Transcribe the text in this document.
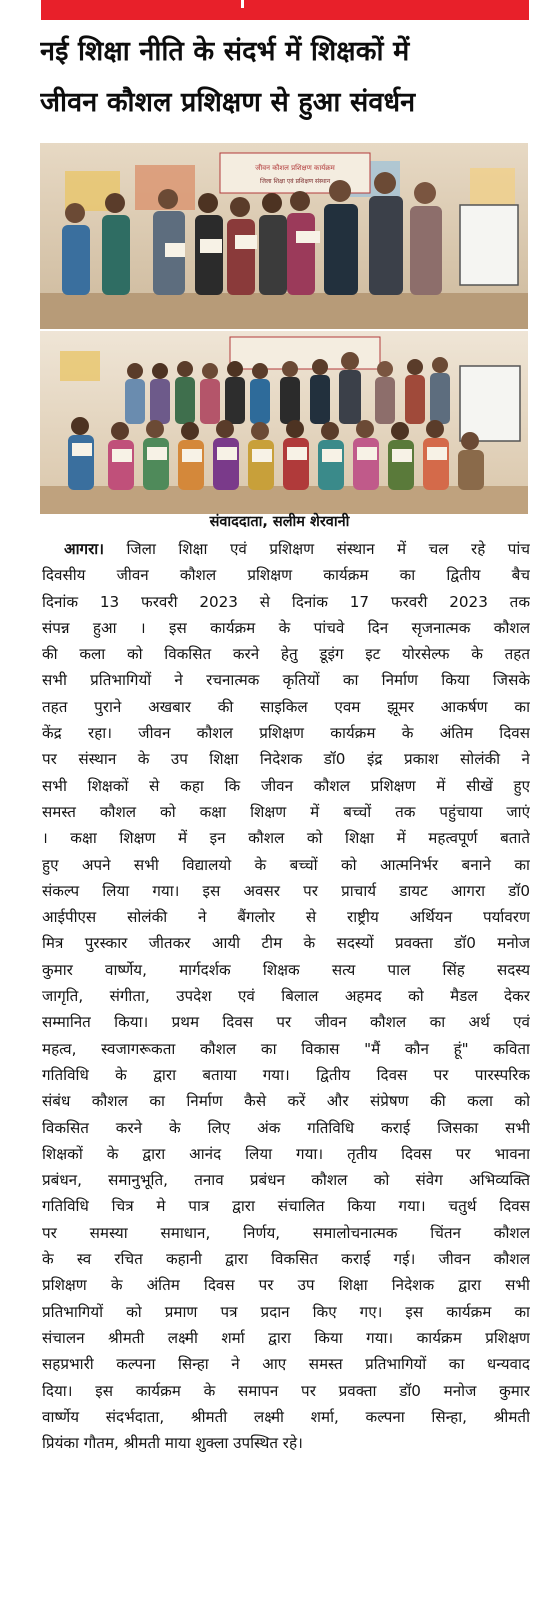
नई शिक्षा नीति के संदर्भ में शिक्षकों में
जीवन कौशल प्रशिक्षण से हुआ संवर्धन
जीवन कौशल प्रशिक्षण कार्यक्रम
जिला शिक्षा एवं प्रशिक्षण संस्थान
संवाददाता, सलीम शेरवानी
आगरा। जिला शिक्षा एवं प्रशिक्षण संस्थान में चल रहे पांच
दिवसीय जीवन कौशल प्रशिक्षण कार्यक्रम का द्वितीय बैच
दिनांक 13 फरवरी 2023 से दिनांक 17 फरवरी 2023 तक
संपन्न हुआ । इस कार्यक्रम के पांचवे दिन सृजनात्मक कौशल
की कला को विकसित करने हेतु डूइंग इट योरसेल्फ के तहत
सभी प्रतिभागियों ने रचनात्मक कृतियों का निर्माण किया जिसके
तहत पुराने अखबार की साइकिल एवम झूमर आकर्षण का
केंद्र रहा। जीवन कौशल प्रशिक्षण कार्यक्रम के अंतिम दिवस
पर संस्थान के उप शिक्षा निदेशक डॉ0 इंद्र प्रकाश सोलंकी ने
सभी शिक्षकों से कहा कि जीवन कौशल प्रशिक्षण में सीखें हुए
समस्त कौशल को कक्षा शिक्षण में बच्चों तक पहुंचाया जाएं
। कक्षा शिक्षण में इन कौशल को शिक्षा में महत्वपूर्ण बताते
हुए अपने सभी विद्यालयो के बच्चों को आत्मनिर्भर बनाने का
संकल्प लिया गया। इस अवसर पर प्राचार्य डायट आगरा डॉ0
आईपीएस सोलंकी ने बैंगलोर से राष्ट्रीय अर्थियन पर्यावरण
मित्र पुरस्कार जीतकर आयी टीम के सदस्यों प्रवक्ता डॉ0 मनोज
कुमार वार्ष्णेय, मार्गदर्शक शिक्षक सत्य पाल सिंह सदस्य
जागृति, संगीता, उपदेश एवं बिलाल अहमद को मैडल देकर
सम्मानित किया। प्रथम दिवस पर जीवन कौशल का अर्थ एवं
महत्व, स्वजागरूकता कौशल का विकास "मैं कौन हूं" कविता
गतिविधि के द्वारा बताया गया। द्वितीय दिवस पर पारस्परिक
संबंध कौशल का निर्माण कैसे करें और संप्रेषण की कला को
विकसित करने के लिए अंक गतिविधि कराई जिसका सभी
शिक्षकों के द्वारा आनंद लिया गया। तृतीय दिवस पर भावना
प्रबंधन, समानुभूति, तनाव प्रबंधन कौशल को संवेग अभिव्यक्ति
गतिविधि चित्र मे पात्र द्वारा संचालित किया गया। चतुर्थ दिवस
पर समस्या समाधान, निर्णय, समालोचनात्मक चिंतन कौशल
के स्व रचित कहानी द्वारा विकसित कराई गई। जीवन कौशल
प्रशिक्षण के अंतिम दिवस पर उप शिक्षा निदेशक द्वारा सभी
प्रतिभागियों को प्रमाण पत्र प्रदान किए गए। इस कार्यक्रम का
संचालन श्रीमती लक्ष्मी शर्मा द्वारा किया गया। कार्यक्रम प्रशिक्षण
सहप्रभारी कल्पना सिन्हा ने आए समस्त प्रतिभागियों का धन्यवाद
दिया। इस कार्यक्रम के समापन पर प्रवक्ता डॉ0 मनोज कुमार
वार्ष्णेय संदर्भदाता, श्रीमती लक्ष्मी शर्मा, कल्पना सिन्हा, श्रीमती
प्रियंका गौतम, श्रीमती माया शुक्ला उपस्थित रहे।
